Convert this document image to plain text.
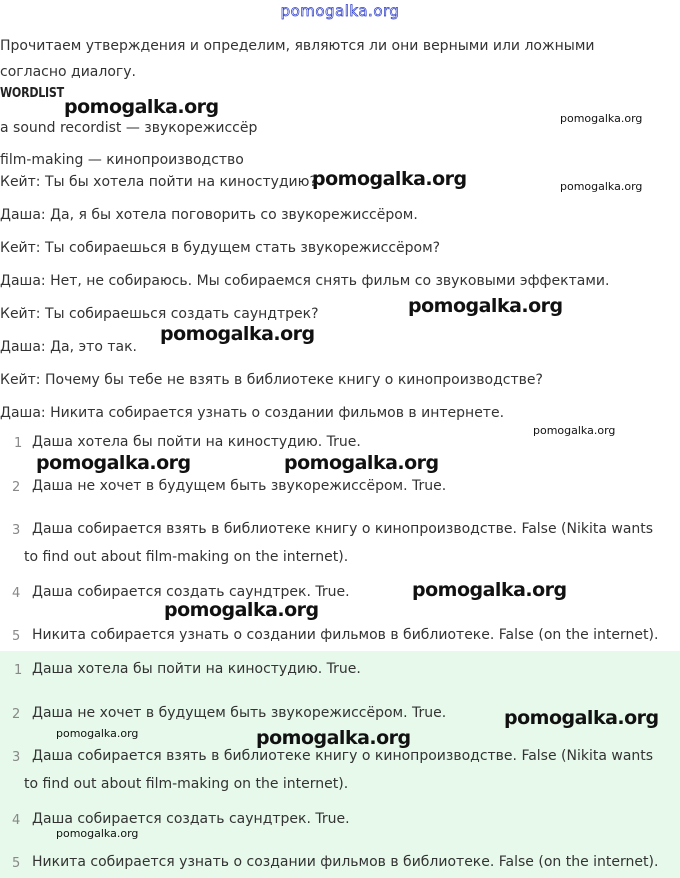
pomogalka.org
Прочитаем утверждения и определим, являются ли они верными или ложными
согласно диалогу.
WORDLIST
a sound recordist — звукорежиссёр
film-making — кинопроизводство
Кейт: Ты бы хотела пойти на киностудию?
Даша: Да, я бы хотела поговорить со звукорежиссёром.
Кейт: Ты собираешься в будущем стать звукорежиссёром?
Даша: Нет, не собираюсь. Мы собираемся снять фильм со звуковыми эффектами.
Кейт: Ты собираешься создать саундтрек?
Даша: Да, это так.
Кейт: Почему бы тебе не взять в библиотеке книгу о кинопроизводстве?
Даша: Никита собирается узнать о создании фильмов в интернете.
1 Даша хотела бы пойти на киностудию. True.
2 Даша не хочет в будущем быть звукорежиссёром. True.
3 Даша собирается взять в библиотеке книгу о кинопроизводстве. False (Nikita wants
to find out about film-making on the internet).
4 Даша собирается создать саундтрек. True.
5 Никита собирается узнать о создании фильмов в библиотеке. False (on the internet).
1 Даша хотела бы пойти на киностудию. True.
2 Даша не хочет в будущем быть звукорежиссёром. True.
3 Даша собирается взять в библиотеке книгу о кинопроизводстве. False (Nikita wants
to find out about film-making on the internet).
4 Даша собирается создать саундтрек. True.
5 Никита собирается узнать о создании фильмов в библиотеке. False (on the internet).
pomogalka.org
pomogalka.org
pomogalka.org	pomogalka.org
pomogalka.org
pomogalka.org
pomogalka.org
pomogalka.org	pomogalka.org
pomogalka.org
pomogalka.org
pomogalka.org
pomogalka.org	pomogalka.org
pomogalka.org
